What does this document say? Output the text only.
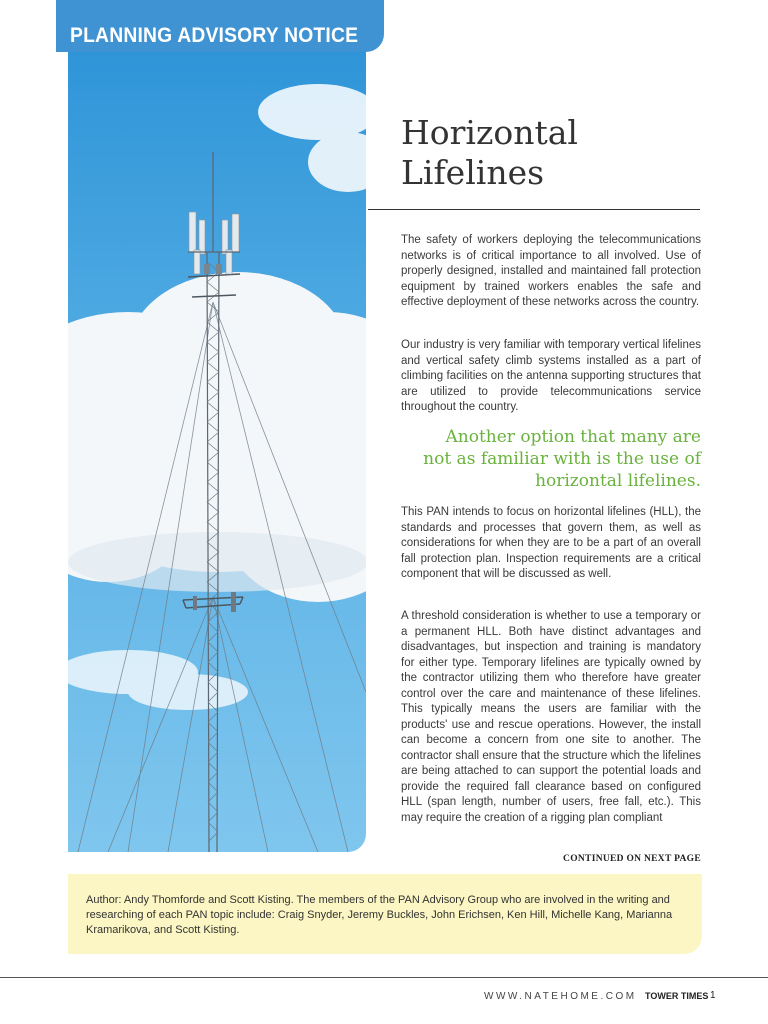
PLANNING ADVISORY NOTICE
Horizontal
Lifelines

The safety of workers deploying the telecommunications networks is of critical importance to all involved. Use of properly designed, installed and maintained fall protection equipment by trained workers enables the safe and effective deployment of these networks across the country.

Our industry is very familiar with temporary vertical lifelines and vertical safety climb systems installed as a part of climbing facilities on the antenna supporting structures that are utilized to provide telecommunications service throughout the country.

Another option that many are not as familiar with is the use of horizontal lifelines.

This PAN intends to focus on horizontal lifelines (HLL), the standards and processes that govern them, as well as considerations for when they are to be a part of an overall fall protection plan. Inspection requirements are a critical component that will be discussed as well.

A threshold consideration is whether to use a temporary or a permanent HLL. Both have distinct advantages and disadvantages, but inspection and training is mandatory for either type. Temporary lifelines are typically owned by the contractor utilizing them who therefore have greater control over the care and maintenance of these lifelines. This typically means the users are familiar with the products' use and rescue operations. However, the install can become a concern from one site to another. The contractor shall ensure that the structure which the lifelines are being attached to can support the potential loads and provide the required fall clearance based on configured HLL (span length, number of users, free fall, etc.). This may require the creation of a rigging plan compliant

CONTINUED ON NEXT PAGE

Author: Andy Thomforde and Scott Kisting. The members of the PAN Advisory Group who are involved in the writing and researching of each PAN topic include: Craig Snyder, Jeremy Buckles, John Erichsen, Ken Hill, Michelle Kang, Marianna Kramarikova, and Scott Kisting.

WWW.NATEHOME.COM TOWER TIMES 1
